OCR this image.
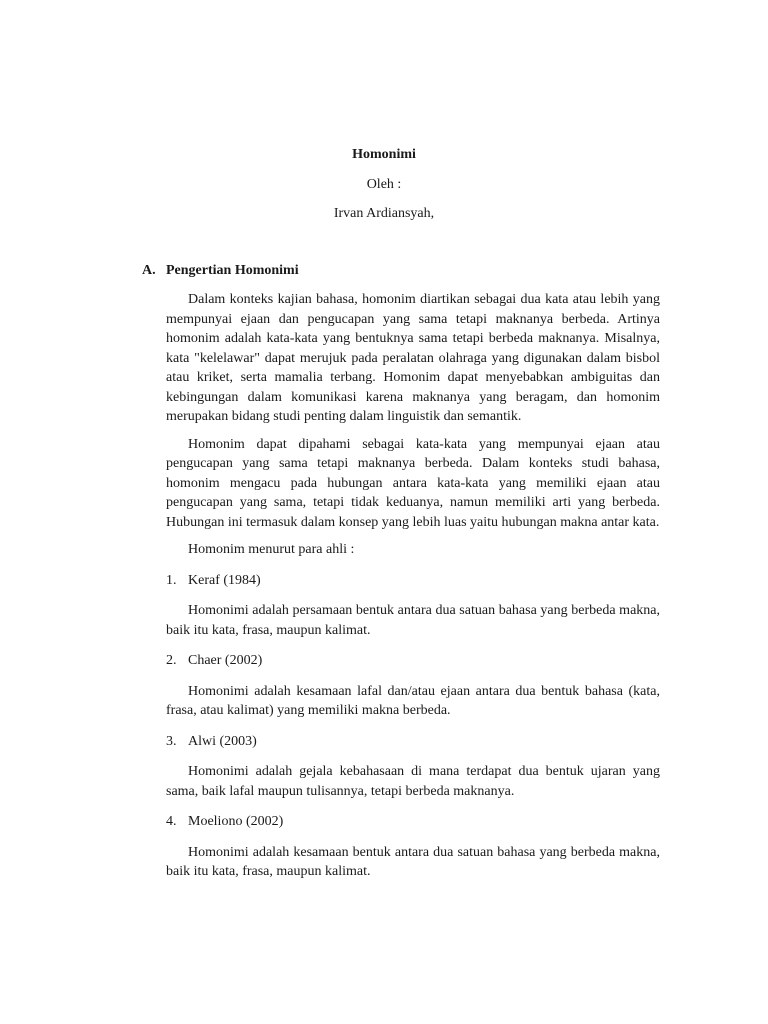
Homonimi
Oleh :
Irvan Ardiansyah,
A. Pengertian Homonimi

Dalam konteks kajian bahasa, homonim diartikan sebagai dua kata atau lebih yang mempunyai ejaan dan pengucapan yang sama tetapi maknanya berbeda. Artinya homonim adalah kata-kata yang bentuknya sama tetapi berbeda maknanya. Misalnya, kata "kelelawar" dapat merujuk pada peralatan olahraga yang digunakan dalam bisbol atau kriket, serta mamalia terbang. Homonim dapat menyebabkan ambiguitas dan kebingungan dalam komunikasi karena maknanya yang beragam, dan homonim merupakan bidang studi penting dalam linguistik dan semantik.

Homonim dapat dipahami sebagai kata-kata yang mempunyai ejaan atau pengucapan yang sama tetapi maknanya berbeda. Dalam konteks studi bahasa, homonim mengacu pada hubungan antara kata-kata yang memiliki ejaan atau pengucapan yang sama, tetapi tidak keduanya, namun memiliki arti yang berbeda. Hubungan ini termasuk dalam konsep yang lebih luas yaitu hubungan makna antar kata.

Homonim menurut para ahli :
1. Keraf (1984)

Homonimi adalah persamaan bentuk antara dua satuan bahasa yang berbeda makna, baik itu kata, frasa, maupun kalimat.

2. Chaer (2002)

Homonimi adalah kesamaan lafal dan/atau ejaan antara dua bentuk bahasa (kata, frasa, atau kalimat) yang memiliki makna berbeda.

3. Alwi (2003)

Homonimi adalah gejala kebahasaan di mana terdapat dua bentuk ujaran yang sama, baik lafal maupun tulisannya, tetapi berbeda maknanya.

4. Moeliono (2002)

Homonimi adalah kesamaan bentuk antara dua satuan bahasa yang berbeda makna, baik itu kata, frasa, maupun kalimat.
